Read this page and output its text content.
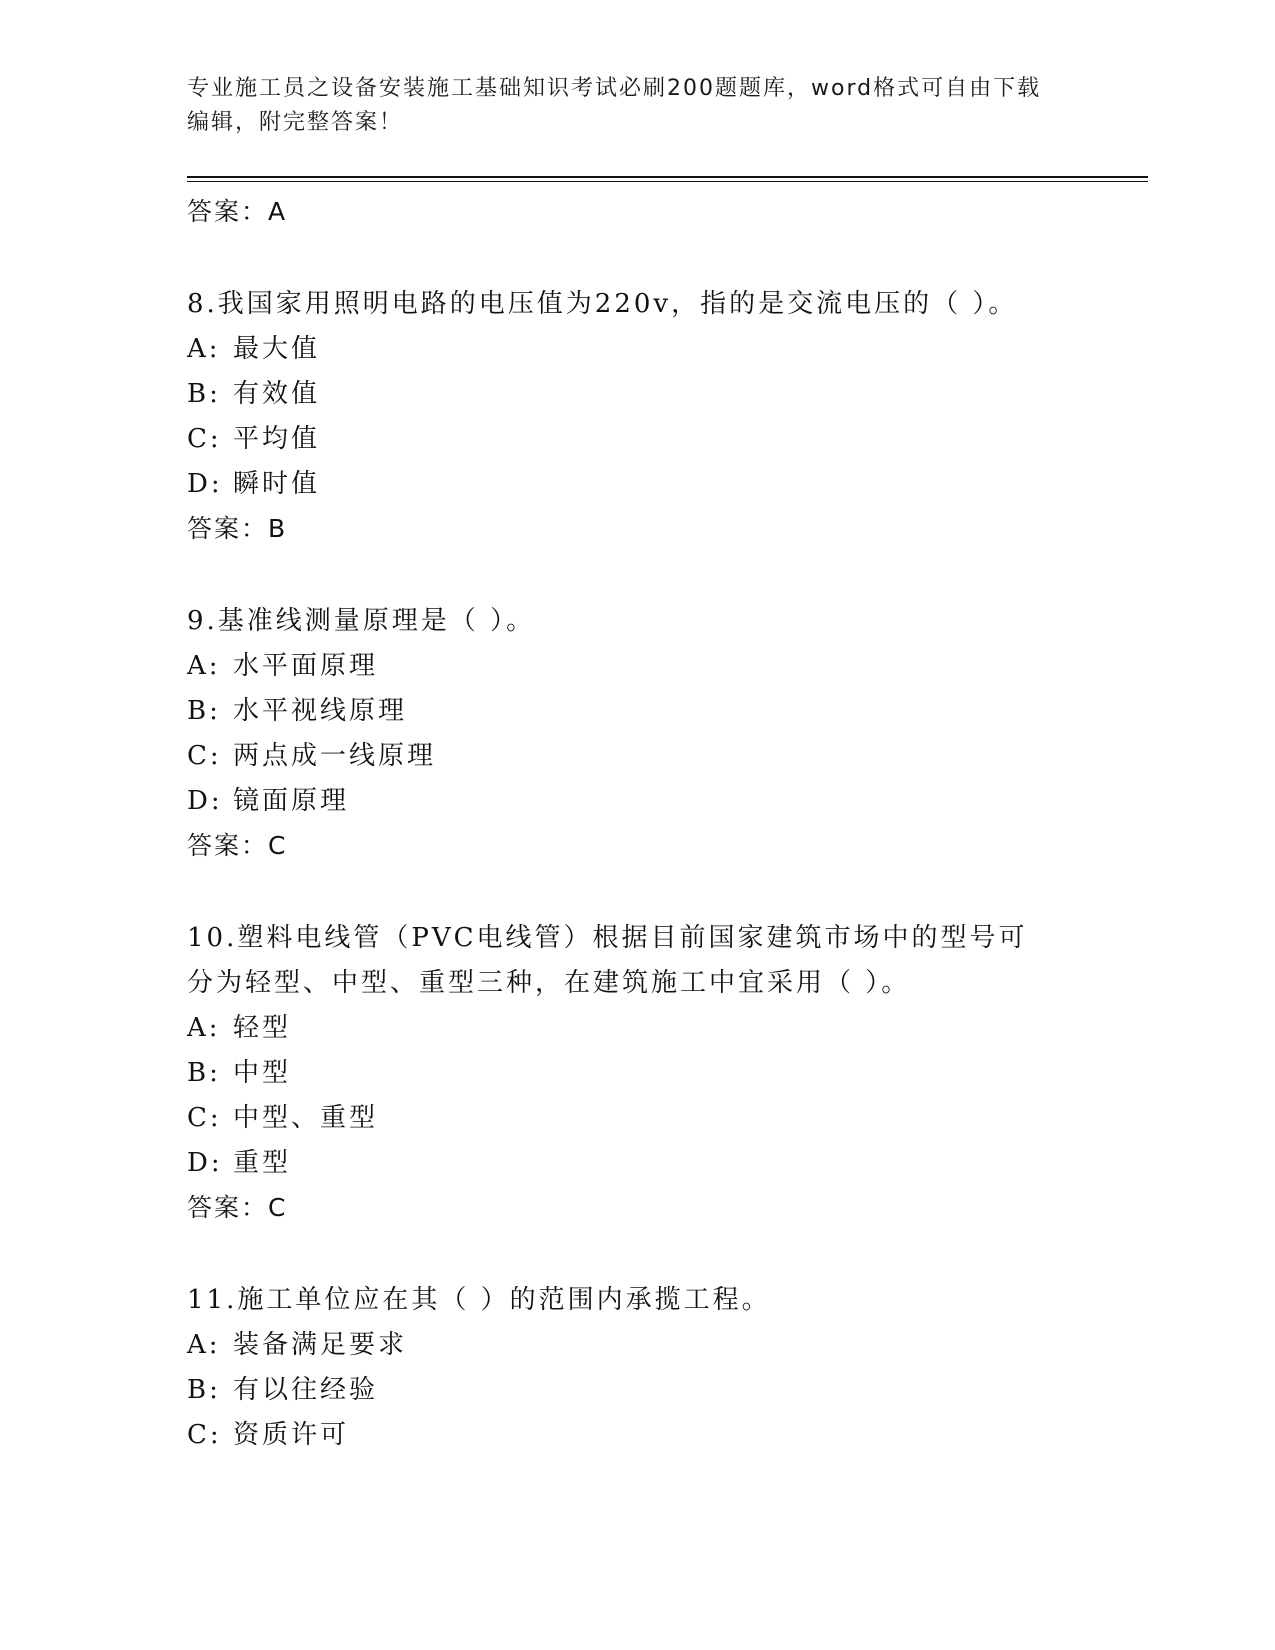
专业施工员之设备安装施工基础知识考试必刷200题题库，word格式可自由下载
编辑，附完整答案！
答案：A
8.我国家用照明电路的电压值为220v，指的是交流电压的（ ）。
A: 最大值
B: 有效值
C: 平均值
D: 瞬时值
答案：B
9.基准线测量原理是（ ）。
A: 水平面原理
B: 水平视线原理
C: 两点成一线原理
D: 镜面原理
答案：C
10.塑料电线管（PVC电线管）根据目前国家建筑市场中的型号可分为轻型、中型、重型三种，在建筑施工中宜采用（ ）。
A: 轻型
B: 中型
C: 中型、重型
D: 重型
答案：C
11.施工单位应在其（ ）的范围内承揽工程。
A: 装备满足要求
B: 有以往经验
C: 资质许可
